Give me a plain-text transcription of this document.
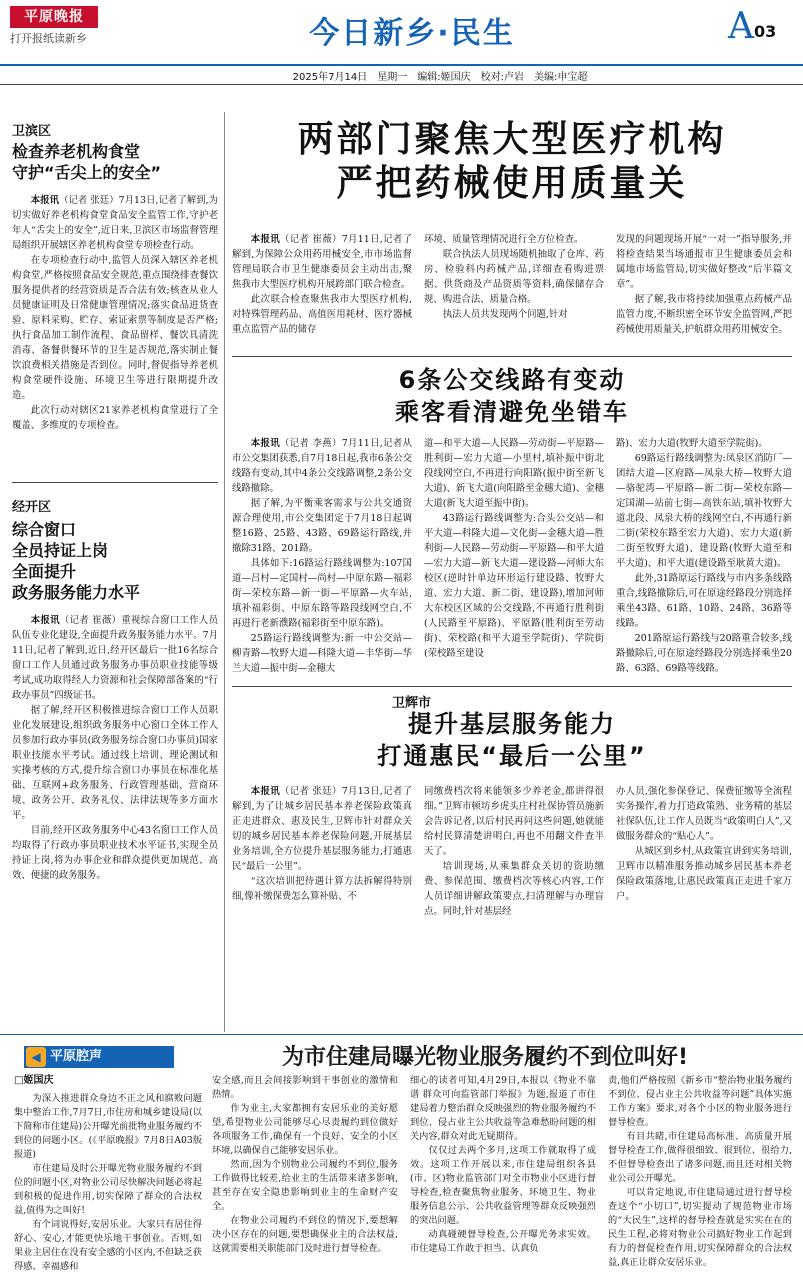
平原晚报
打开报纸读新乡	今日新乡·民生	A 03
2025年7月14日　星期一　编辑:姬国庆　校对:卢岩　美编:申宝超
卫滨区
检查养老机构食堂
守护“舌尖上的安全”

本报讯（记者 张廷）7月13日,记者了解到,为切实做好养老机构食堂食品安全监管工作,守护老年人“舌尖上的安全”,近日来,卫滨区市场监督管理局组织开展辖区养老机构食堂专项检查行动。

在专项检查行动中,监管人员深入辖区养老机构食堂,严格按照食品安全规范,重点围绕排查餐饮服务提供者的经营资质是否合法有效;核查从业人员健康证明及日常健康管理情况;落实食品进货查验、原料采购、贮存、索证索票等制度是否严格;执行食品加工制作流程、食品留样、餐饮具清洗消毒、备餐供餐环节的卫生是否规范,落实制止餐饮浪费相关措施是否到位。同时,督促指导养老机构食堂硬件设施、环境卫生等进行限期提升改造。

此次行动对辖区21家养老机构食堂进行了全覆盖、多维度的专项检查。

经开区
综合窗口
全员持证上岗
全面提升
政务服务能力水平

本报讯（记者 崔薇）重视综合窗口工作人员队伍专业化建设,全面提升政务服务能力水平。7月11日,记者了解到,近日,经开区最后一批16名综合窗口工作人员通过政务服务办事员职业技能等级考试,成功取得经人力资源和社会保障部备案的“行政办事员”四级证书。

据了解,经开区积极推进综合窗口工作人员职业化发展建设,组织政务服务中心窗口全体工作人员参加行政办事员(政务服务综合窗口办事员)国家职业技能水平考试。通过线上培训、理论测试和实操考核的方式,提升综合窗口办事员在标准化基础、互联网+政务服务、行政管理基础、营商环境、政务公开、政务礼仪、法律法规等多方面水平。

目前,经开区政务服务中心43名窗口工作人员均取得了行政办事员职业技术水平证书,实现全员持证上岗,将为办事企业和群众提供更加规范、高效、便捷的政务服务。

两部门聚焦大型医疗机构
严把药械使用质量关

本报讯（记者 崔薇）7月11日,记者了解到,为保障公众用药用械安全,市市场监督管理局联合市卫生健康委员会主动出击,聚焦我市大型医疗机构开展跨部门联合检查。

此次联合检查聚焦我市大型医疗机构,对特殊管理药品、高值医用耗材、医疗器械重点监管产品的储存

环境、质量管理情况进行全方位检查。

联合执法人员现场随机抽取了仓库、药房、检验科内药械产品,详细查看购进票据、供货商及产品资质等资料,确保储存合规、购进合法、质量合格。

执法人员共发现两个问题,针对

发现的问题现场开展“一对一”指导服务,并将检查结果当场通报市卫生健康委员会和属地市场监管局,切实做好整改“后半篇文章”。

据了解,我市将持续加强重点药械产品监管力度,不断织密全环节安全监管网,严把药械使用质量关,护航群众用药用械安全。

6条公交线路有变动
乘客看清避免坐错车

本报讯（记者 李燕）7月11日,记者从市公交集团获悉,自7月18日起,我市6条公交线路有变动,其中4条公交线路调整,2条公交线路撤除。

据了解,为平衡乘客需求与公共交通资源合理使用,市公交集团定于7月18日起调整16路、25路、43路、69路运行路线,并撤除31路、201路。

具体如下:16路运行路线调整为:107国道—吕村—定国村—尚村—中原东路—福彩街—荣校东路—新一街—平原路—火车站,填补福彩街、中原东路等路段线网空白,不再进行老新濮路(福彩街至中原东路)。

25路运行路线调整为:新一中公交站—柳青路—牧野大道—科隆大道—丰华街—华兰大道—振中街—金穗大

道—和平大道—人民路—劳动街—平原路—胜利街—宏力大道—小里村,填补振中街北段线网空白,不再进行向阳路(振中街至新飞大道)、新飞大道(向阳路至金穗大道)、金穗大道(新飞大道至振中街)。

43路运行路线调整为:合头公交站—和平大道—科隆大道—文化街—金穗大道—胜利街—人民路—劳动街—平原路—和平大道—宏力大道—新飞大道—建设路—河师大东校区(逆时针单边环形运行建设路、牧野大道、宏力大道、新二街、建设路),增加河师大东校区区域的公交线路,不再通行胜利街(人民路至平原路)、平原路(胜利街至劳动街)、荣校路(和平大道至学院街)、学院街(荣校路至建设

路)、宏力大道(牧野大道至学院街)。

69路运行路线调整为:凤泉区消防厂—团结大道—区府路—凤泉大桥—牧野大道—骆驼湾—平原路—新二街—荣校东路—定国湖—站前七街—高铁东站,填补牧野大道北段、凤泉大桥的线网空白,不再通行新二街(荣校东路至宏力大道)、宏力大道(新二街至牧野大道)、建设路(牧野大道至和平大道)、和平大道(建设路至耿黄大道)。

此外,31路原运行路线与市内多条线路重合,线路撤除后,可在原途经路段分别选择乘坐43路、61路、10路、24路、36路等线路。

201路原运行路线与20路重合较多,线路撤除后,可在原途经路段分别选择乘坐20路、63路、69路等线路。

卫辉市
提升基层服务能力
打通惠民“最后一公里”

本报讯（记者 张廷）7月13日,记者了解到,为了让城乡居民基本养老保险政策真正走进群众、惠及民生,卫辉市针对群众关切的城乡居民基本养老保险问题,开展基层业务培训,全方位提升基层服务能力,打通惠民“最后一公里”。

“这次培训把待遇计算方法拆解得特别细,像补缴保费怎么算补贴、不

同缴费档次将来能领多少养老金,都讲得很细。”卫辉市顿坊乡虎头庄村社保协管员施新会告诉记者,以后村民再问这些问题,她就能给村民算清楚讲明白,再也不用翻文件查半天了。

培训现场,从乘集群众关切的资助缴费、参保范围、缴费档次等核心内容,工作人员详细讲解政策要点,扫清理解与办理盲点。同时,针对基层经

办人员,强化参保登记、保费征缴等全流程实务操作,着力打造政策熟、业务精的基层社保队伍,让工作人员既当“政策明白人”,又做服务群众的“贴心人”。

从城区到乡村,从政策宣讲到实务培训,卫辉市以精准服务推动城乡居民基本养老保险政策落地,让惠民政策真正走进千家万户。

◀ 平原腔声	为市住建局曝光物业服务履约不到位叫好!
□姬国庆

为深入推进群众身边不正之风和腐败问题集中整治工作,7月7日,市住房和城乡建设局(以下简称市住建局)公开曝光前批物业服务履约不到位的问题小区。(《平原晚报》7月8日A03版报道)

市住建局及时公开曝光物业服务履约不到位的问题小区,对物业公司尽快解决问题必将起到积极的促进作用,切实保障了群众的合法权益,值得为之叫好!

有个词说得好,安居乐业。大家只有居住得舒心、安心,才能更快乐地干事创业。否则,如果业主居住在没有安全感的小区内,不但缺乏获得感、幸福感和

安全感,而且会间接影响到干事创业的激情和热情。

作为业主,大家都拥有安居乐业的美好愿望,希望物业公司能够尽心尽责履约到位做好各项服务工作,确保有一个良好、安全的小区环境,以确保自己能够安居乐业。

然而,因为个别物业公司履约不到位,服务工作做得比较差,给业主的生活带来诸多影响,甚至存在安全隐患影响到业主的生命财产安全。

在物业公司履约不到位的情况下,要想解决小区存在的问题,要想确保业主的合法权益,这就需要相关职能部门及时进行督导检查。

细心的读者可知,4月29日,本报以《物业不靠谱 群众可向监管部门举报》为题,报道了市住建局着力整治群众反映强烈的物业服务履约不到位、侵占业主公共收益等急难愁盼问题的相关内容,群众对此无疑期待。

仅仅过去两个多月,这项工作就取得了成效。这项工作开展以来,市住建局组织各县(市、区)物业监管部门对全市物业小区进行督导检查,检查聚焦物业服务、环境卫生、物业服务信息公示、公共收益管理等群众反映强烈的突出问题。

动真碰硬督导检查,公开曝光务求实效。市住建局工作敢于担当、认真负

责,他们严格按照《新乡市“整治物业服务履约不到位、侵占业主公共收益等问题”具体实施工作方案》要求,对各个小区的物业服务进行督导检查。

有目共睹,市住建局高标准、高质量开展督导检查工作,做得很细致、很到位、很给力,不但督导检查出了诸多问题,而且还对相关物业公司公开曝光。

可以肯定地说,市住建局通过进行督导检查这个“小切口”,切实提动了规范物业市场的“大民生”,这样的督导检查就是实实在在的民生工程,必将对物业公司搞好物业工作起到有力的督促检查作用,切实保障群众的合法权益,真正让群众安居乐业。
